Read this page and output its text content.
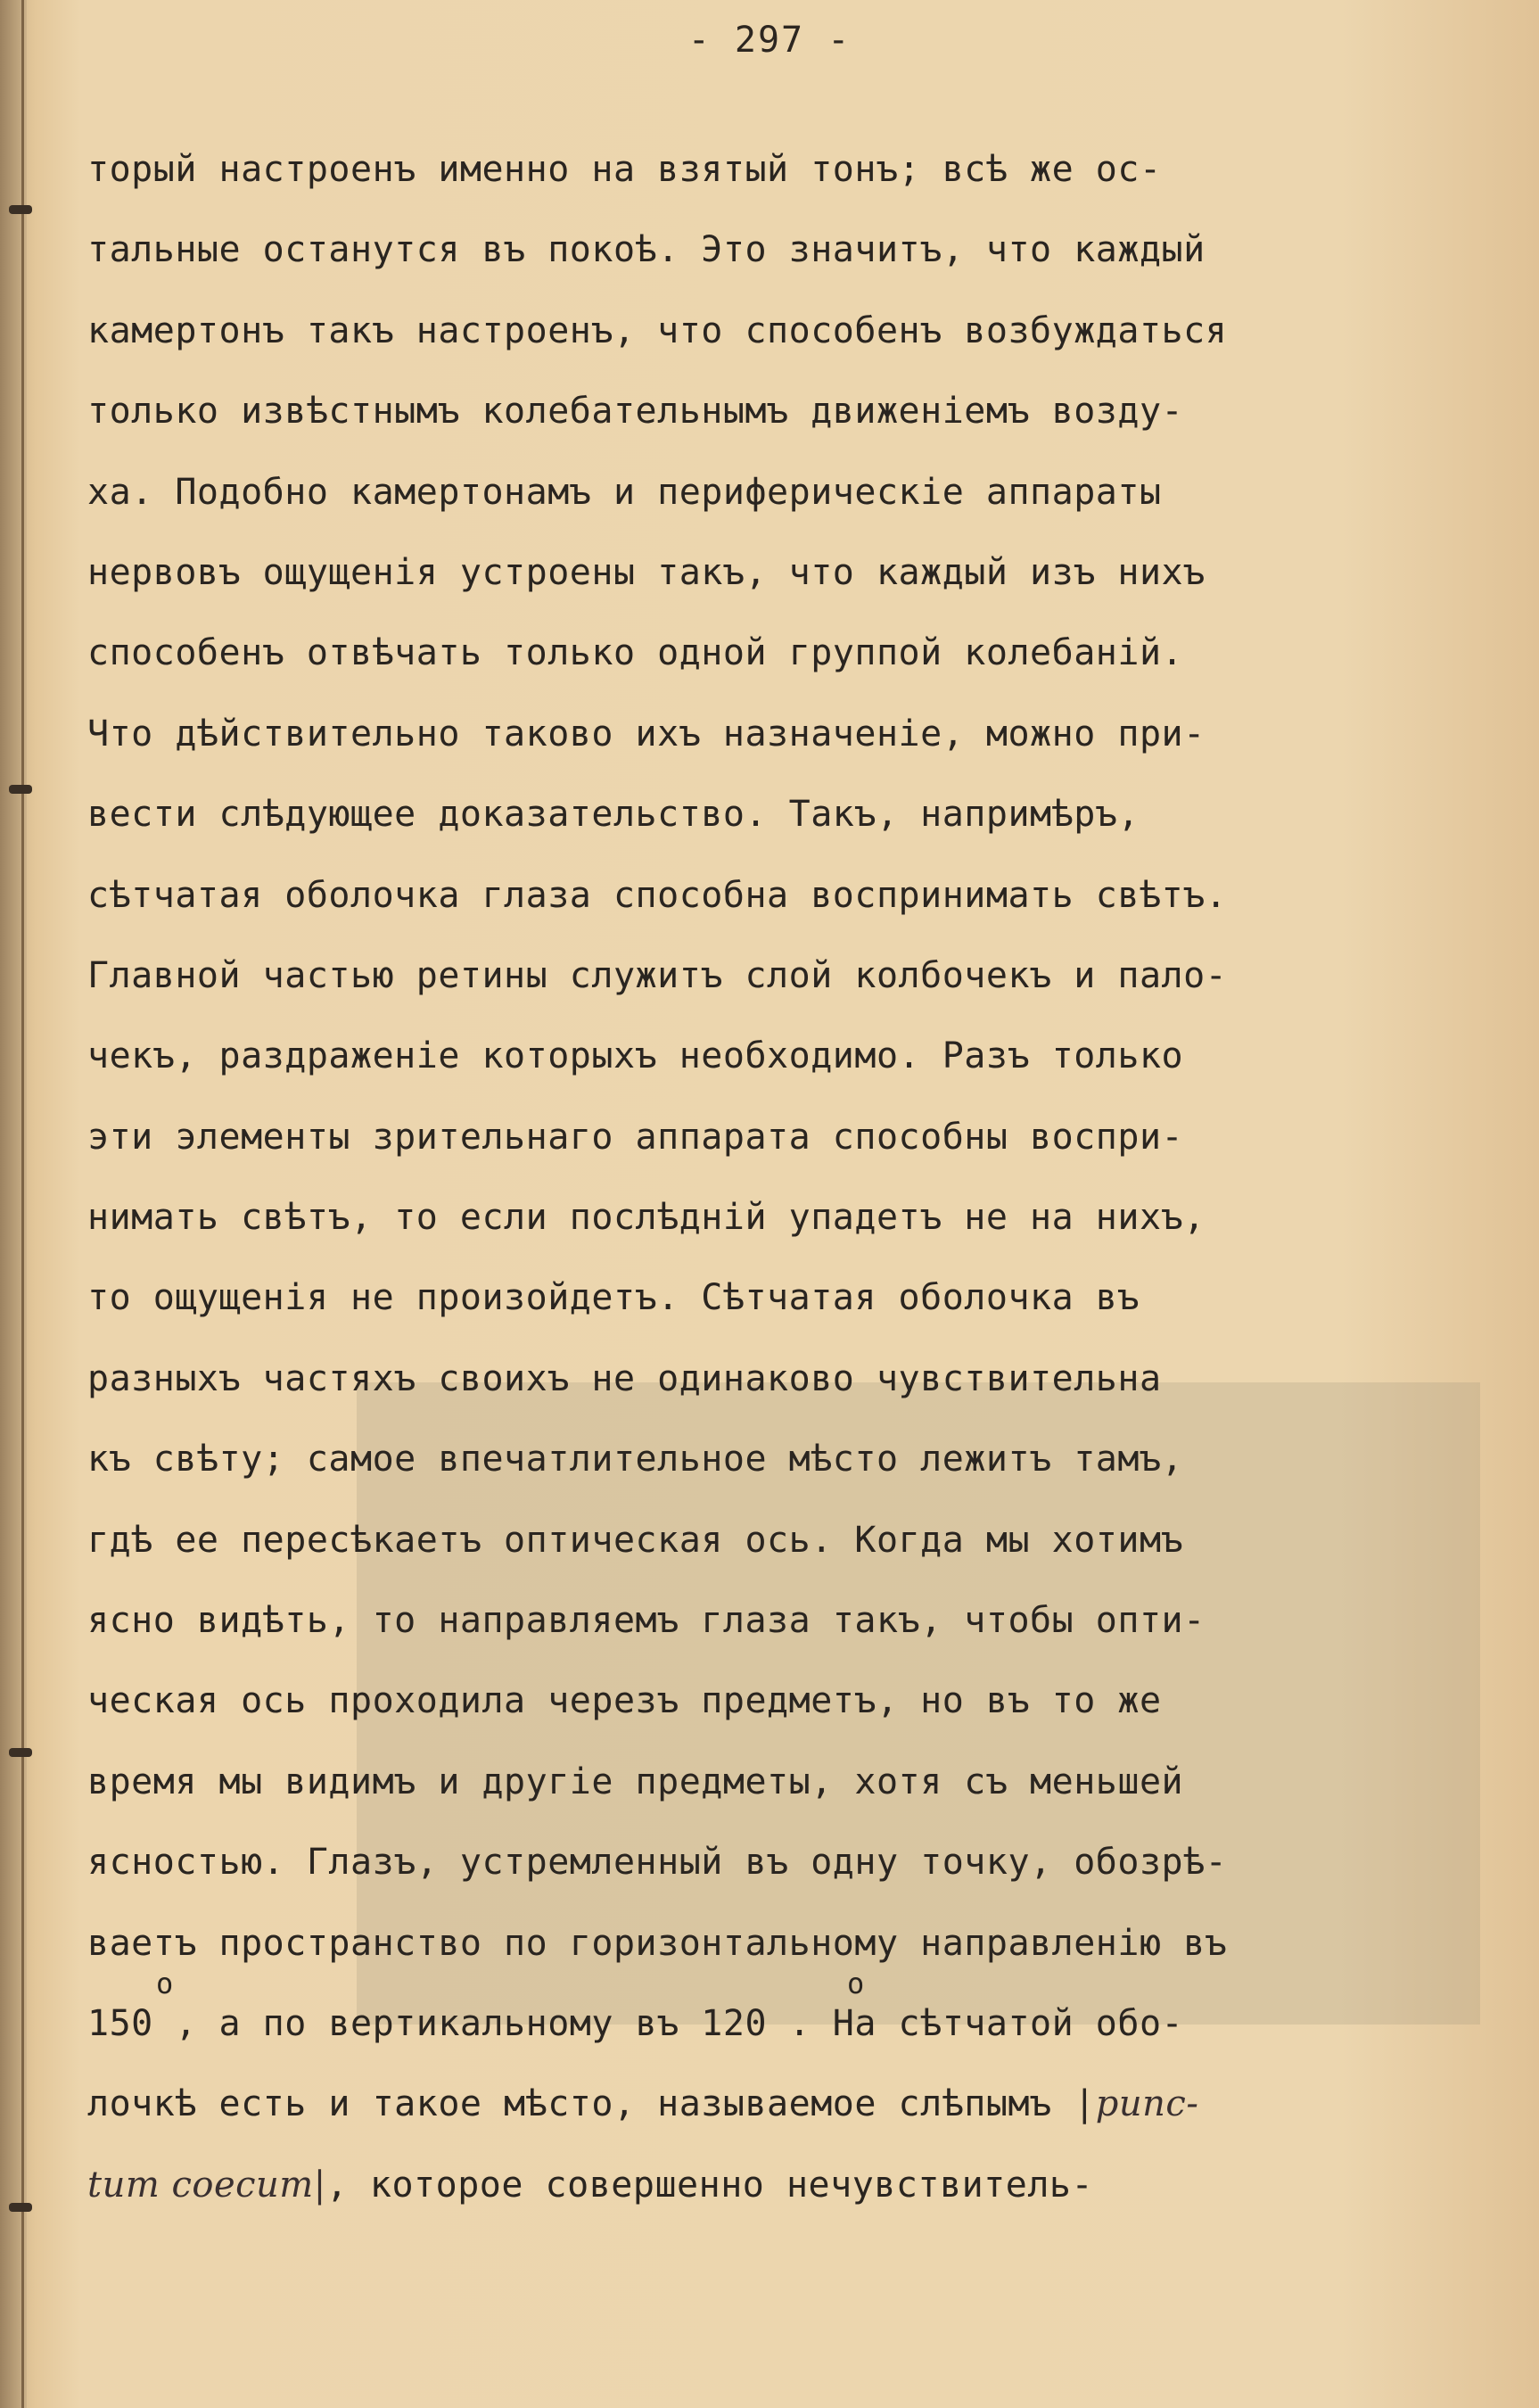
- 297 -
торый настроенъ именно на взятый тонъ; всѣ же ос-
тальные останутся въ покоѣ. Это значитъ, что каждый
камертонъ такъ настроенъ, что способенъ возбуждаться
только извѣстнымъ колебательнымъ движенiемъ возду-
ха. Подобно камертонамъ и периферическiе аппараты
нервовъ ощущенiя устроены такъ, что каждый изъ нихъ
способенъ отвѣчать только одной группой колебанiй.
Что дѣйствительно таково ихъ назначенiе, можно при-
вести слѣдующее доказательство. Такъ, напримѣръ,
сѣтчатая оболочка глаза способна воспринимать свѣтъ.
Главной частью ретины служитъ слой колбочекъ и пало-
чекъ, раздраженiе которыхъ необходимо. Разъ только
эти элементы зрительнаго аппарата способны воспри-
нимать свѣтъ, то если послѣднiй упадетъ не на нихъ,
то ощущенiя не произойдетъ. Сѣтчатая оболочка въ
разныхъ частяхъ своихъ не одинаково чувствительна
къ свѣту; самое впечатлительное мѣсто лежитъ тамъ,
гдѣ ее пересѣкаетъ оптическая ось. Когда мы хотимъ
ясно видѣть, то направляемъ глаза такъ, чтобы опти-
ческая ось проходила черезъ предметъ, но въ то же
время мы видимъ и другiе предметы, хотя съ меньшей
ясностью. Глазъ, устремленный въ одну точку, обозрѣ-
ваетъ пространство по горизонтальному направленiю въ
150 , а по вертикальному въ 120 . На сѣтчатой обо-
лочкѣ есть и такое мѣсто, называемое слѣпымъ |punc-
tum coecum|, которое совершенно нечувствитель-
о	о
